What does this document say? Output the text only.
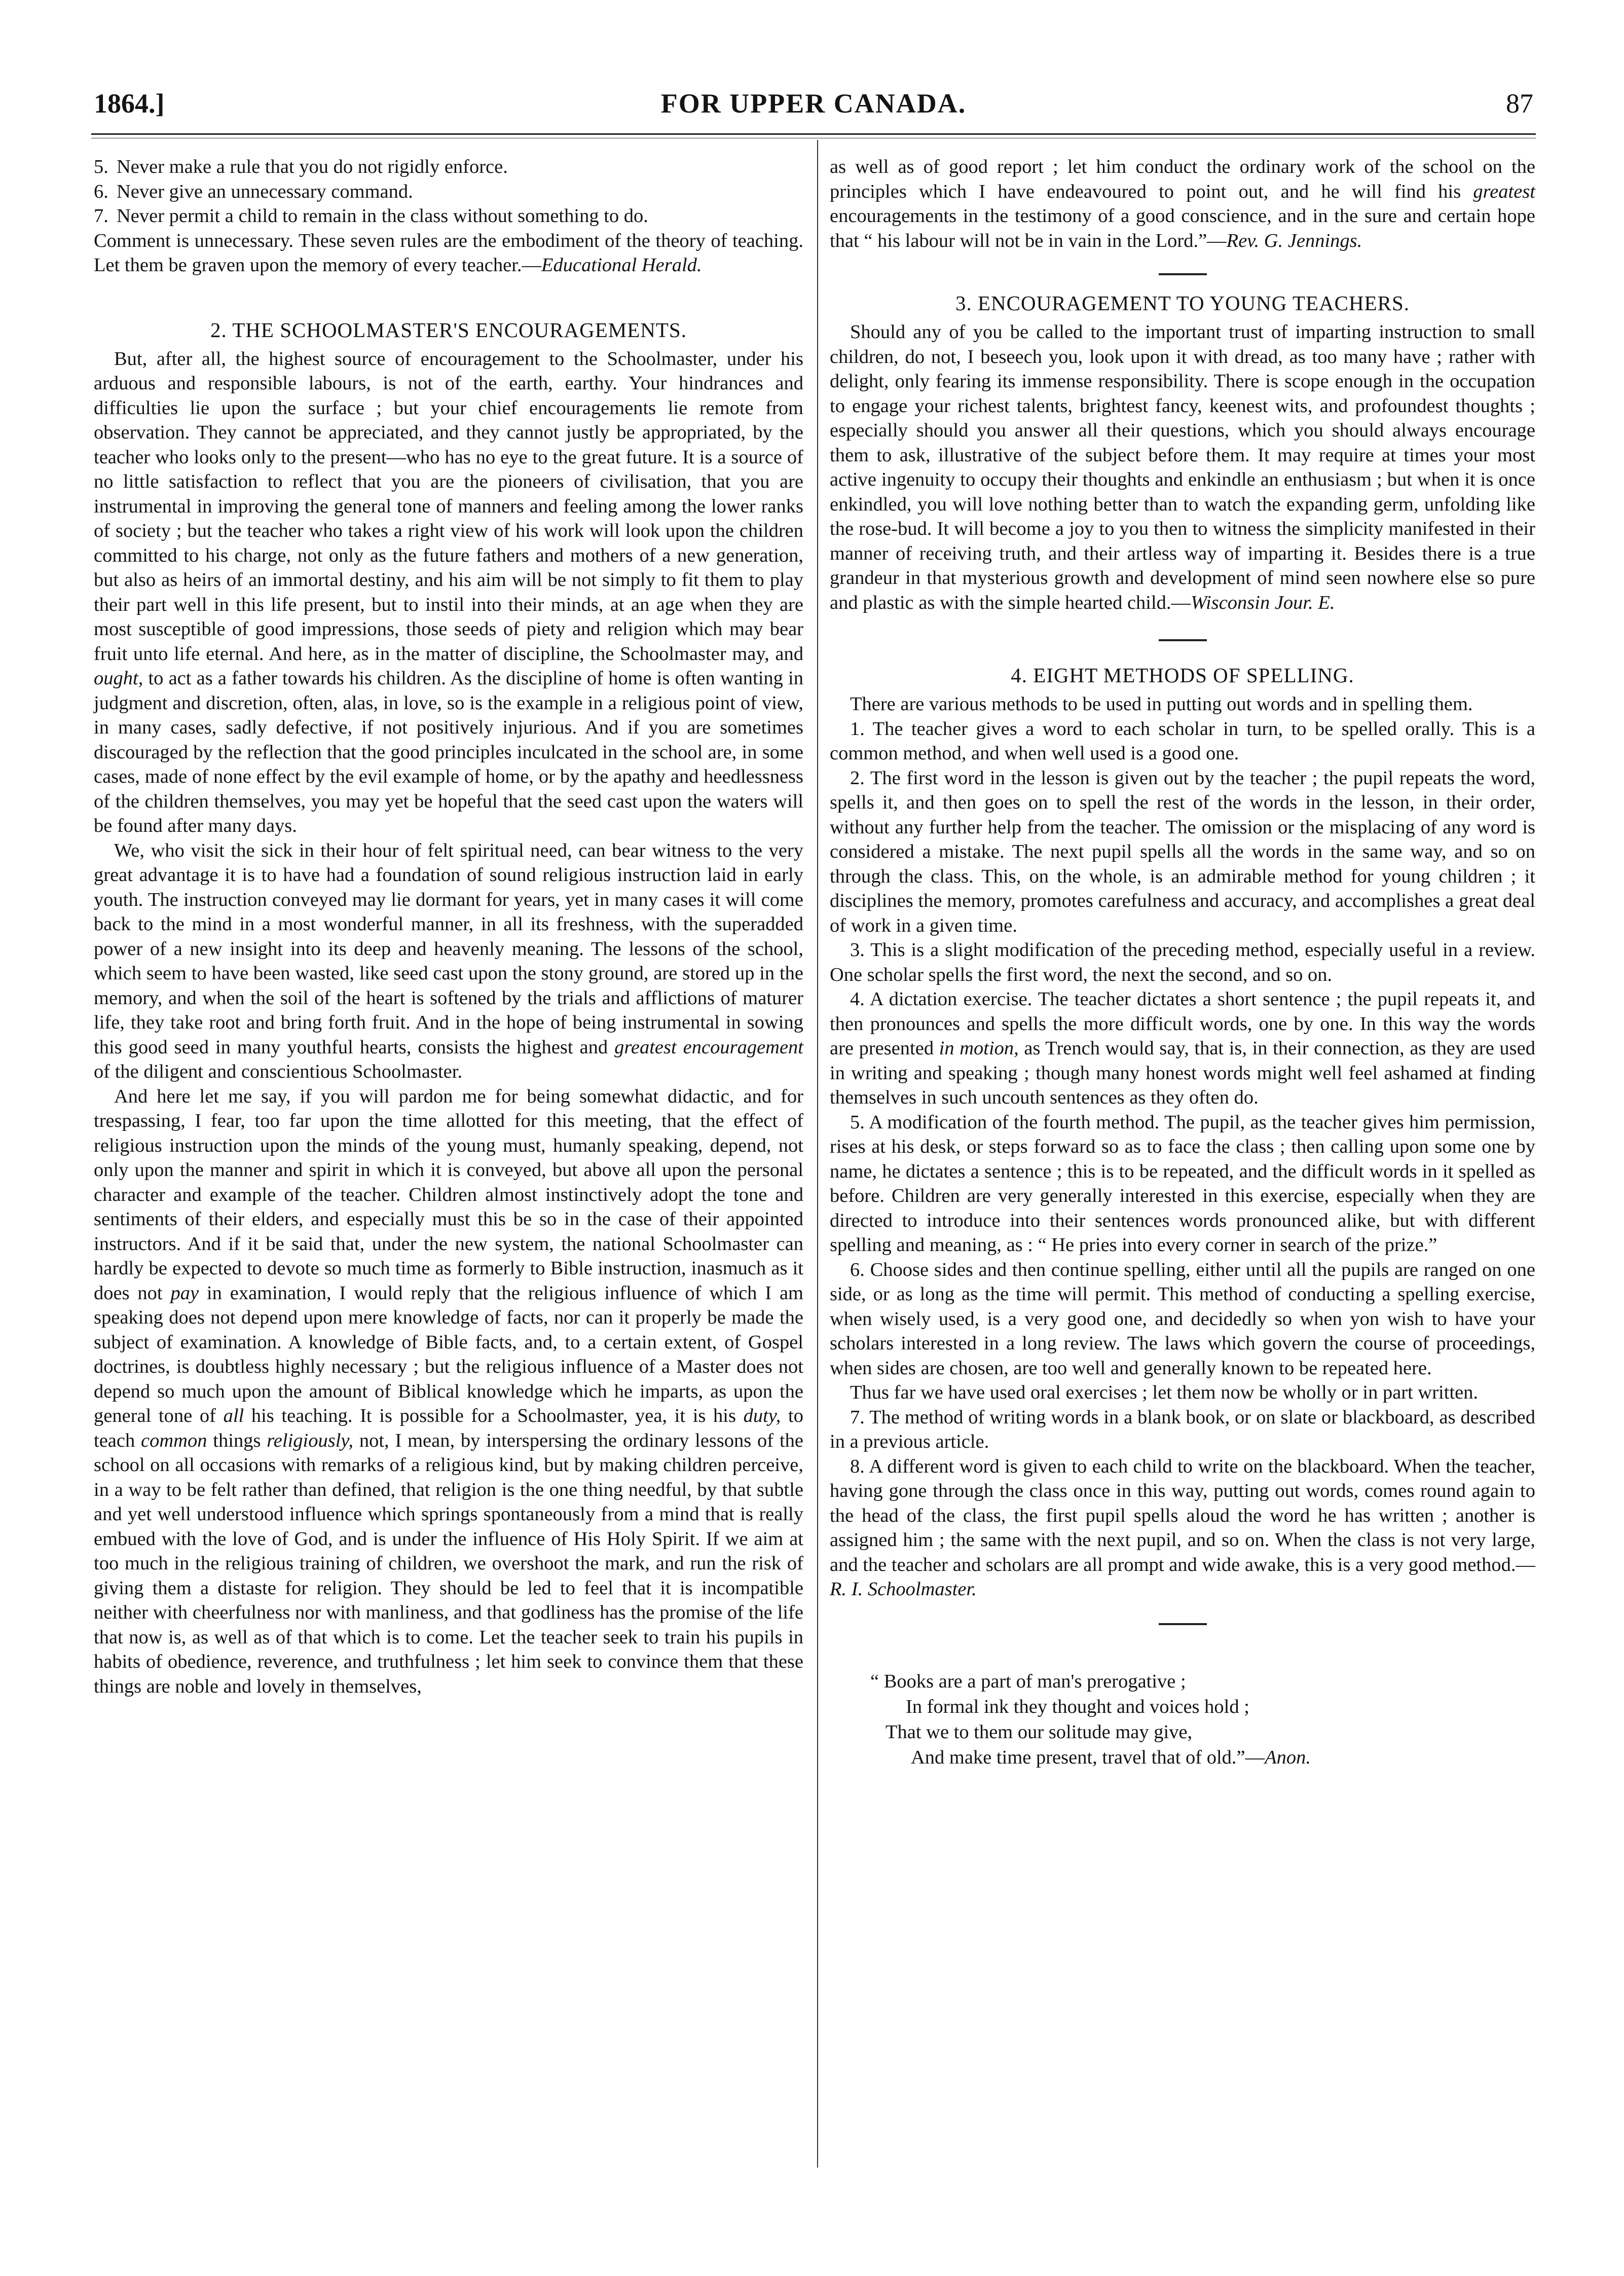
1864.]	FOR UPPER CANADA.	87

5. Never make a rule that you do not rigidly enforce.

6. Never give an unnecessary command.

7. Never permit a child to remain in the class without something to do.

Comment is unnecessary. These seven rules are the embodiment of the theory of teaching. Let them be graven upon the memory of every teacher.—Educational Herald.

2. THE SCHOOLMASTER'S ENCOURAGEMENTS.

But, after all, the highest source of encouragement to the Schoolmaster, under his arduous and responsible labours, is not of the earth, earthy. Your hindrances and difficulties lie upon the surface ; but your chief encouragements lie remote from observation. They cannot be appreciated, and they cannot justly be appropriated, by the teacher who looks only to the present—who has no eye to the great future. It is a source of no little satisfaction to reflect that you are the pioneers of civilisation, that you are instrumental in improving the general tone of manners and feeling among the lower ranks of society ; but the teacher who takes a right view of his work will look upon the children committed to his charge, not only as the future fathers and mothers of a new generation, but also as heirs of an immortal destiny, and his aim will be not simply to fit them to play their part well in this life present, but to instil into their minds, at an age when they are most susceptible of good impressions, those seeds of piety and religion which may bear fruit unto life eternal. And here, as in the matter of discipline, the Schoolmaster may, and ought, to act as a father towards his children. As the discipline of home is often wanting in judgment and discretion, often, alas, in love, so is the example in a religious point of view, in many cases, sadly defective, if not positively injurious. And if you are sometimes discouraged by the reflection that the good principles inculcated in the school are, in some cases, made of none effect by the evil example of home, or by the apathy and heedlessness of the children themselves, you may yet be hopeful that the seed cast upon the waters will be found after many days.

We, who visit the sick in their hour of felt spiritual need, can bear witness to the very great advantage it is to have had a foundation of sound religious instruction laid in early youth. The instruction conveyed may lie dormant for years, yet in many cases it will come back to the mind in a most wonderful manner, in all its freshness, with the superadded power of a new insight into its deep and heavenly meaning. The lessons of the school, which seem to have been wasted, like seed cast upon the stony ground, are stored up in the memory, and when the soil of the heart is softened by the trials and afflictions of maturer life, they take root and bring forth fruit. And in the hope of being instrumental in sowing this good seed in many youthful hearts, consists the highest and greatest encouragement of the diligent and conscientious Schoolmaster.

And here let me say, if you will pardon me for being somewhat didactic, and for trespassing, I fear, too far upon the time allotted for this meeting, that the effect of religious instruction upon the minds of the young must, humanly speaking, depend, not only upon the manner and spirit in which it is conveyed, but above all upon the personal character and example of the teacher. Children almost instinctively adopt the tone and sentiments of their elders, and especially must this be so in the case of their appointed instructors. And if it be said that, under the new system, the national Schoolmaster can hardly be expected to devote so much time as formerly to Bible instruction, inasmuch as it does not pay in examination, I would reply that the religious influence of which I am speaking does not depend upon mere knowledge of facts, nor can it properly be made the subject of examination. A knowledge of Bible facts, and, to a certain extent, of Gospel doctrines, is doubtless highly necessary ; but the religious influence of a Master does not depend so much upon the amount of Biblical knowledge which he imparts, as upon the general tone of all his teaching. It is possible for a Schoolmaster, yea, it is his duty, to teach common things religiously, not, I mean, by interspersing the ordinary lessons of the school on all occasions with remarks of a religious kind, but by making children perceive, in a way to be felt rather than defined, that religion is the one thing needful, by that subtle and yet well understood influence which springs spontaneously from a mind that is really embued with the love of God, and is under the influence of His Holy Spirit. If we aim at too much in the religious training of children, we overshoot the mark, and run the risk of giving them a distaste for religion. They should be led to feel that it is incompatible neither with cheerfulness nor with manliness, and that godliness has the promise of the life that now is, as well as of that which is to come. Let the teacher seek to train his pupils in habits of obedience, reverence, and truthfulness ; let him seek to convince them that these things are noble and lovely in themselves,

as well as of good report ; let him conduct the ordinary work of the school on the principles which I have endeavoured to point out, and he will find his greatest encouragements in the testimony of a good conscience, and in the sure and certain hope that “ his labour will not be in vain in the Lord.”—Rev. G. Jennings.

3. ENCOURAGEMENT TO YOUNG TEACHERS.

Should any of you be called to the important trust of imparting instruction to small children, do not, I beseech you, look upon it with dread, as too many have ; rather with delight, only fearing its immense responsibility. There is scope enough in the occupation to engage your richest talents, brightest fancy, keenest wits, and profoundest thoughts ; especially should you answer all their questions, which you should always encourage them to ask, illustrative of the subject before them. It may require at times your most active ingenuity to occupy their thoughts and enkindle an enthusiasm ; but when it is once enkindled, you will love nothing better than to watch the expanding germ, unfolding like the rose-bud. It will become a joy to you then to witness the simplicity manifested in their manner of receiving truth, and their artless way of imparting it. Besides there is a true grandeur in that mysterious growth and development of mind seen nowhere else so pure and plastic as with the simple hearted child.—Wisconsin Jour. E.

4. EIGHT METHODS OF SPELLING.

There are various methods to be used in putting out words and in spelling them.

1. The teacher gives a word to each scholar in turn, to be spelled orally. This is a common method, and when well used is a good one.

2. The first word in the lesson is given out by the teacher ; the pupil repeats the word, spells it, and then goes on to spell the rest of the words in the lesson, in their order, without any further help from the teacher. The omission or the misplacing of any word is considered a mistake. The next pupil spells all the words in the same way, and so on through the class. This, on the whole, is an admirable method for young children ; it disciplines the memory, promotes carefulness and accuracy, and accomplishes a great deal of work in a given time.

3. This is a slight modification of the preceding method, especially useful in a review. One scholar spells the first word, the next the second, and so on.

4. A dictation exercise. The teacher dictates a short sentence ; the pupil repeats it, and then pronounces and spells the more difficult words, one by one. In this way the words are presented in motion, as Trench would say, that is, in their connection, as they are used in writing and speaking ; though many honest words might well feel ashamed at finding themselves in such uncouth sentences as they often do.

5. A modification of the fourth method. The pupil, as the teacher gives him permission, rises at his desk, or steps forward so as to face the class ; then calling upon some one by name, he dictates a sentence ; this is to be repeated, and the difficult words in it spelled as before. Children are very generally interested in this exercise, especially when they are directed to introduce into their sentences words pronounced alike, but with different spelling and meaning, as : “ He pries into every corner in search of the prize.”

6. Choose sides and then continue spelling, either until all the pupils are ranged on one side, or as long as the time will permit. This method of conducting a spelling exercise, when wisely used, is a very good one, and decidedly so when yon wish to have your scholars interested in a long review. The laws which govern the course of proceedings, when sides are chosen, are too well and generally known to be repeated here.

Thus far we have used oral exercises ; let them now be wholly or in part written.

7. The method of writing words in a blank book, or on slate or blackboard, as described in a previous article.

8. A different word is given to each child to write on the blackboard. When the teacher, having gone through the class once in this way, putting out words, comes round again to the head of the class, the first pupil spells aloud the word he has written ; another is assigned him ; the same with the next pupil, and so on. When the class is not very large, and the teacher and scholars are all prompt and wide awake, this is a very good method.—R. I. Schoolmaster.

“ Books are a part of man's prerogative ;
In formal ink they thought and voices hold ;
That we to them our solitude may give,
And make time present, travel that of old.”—Anon.
